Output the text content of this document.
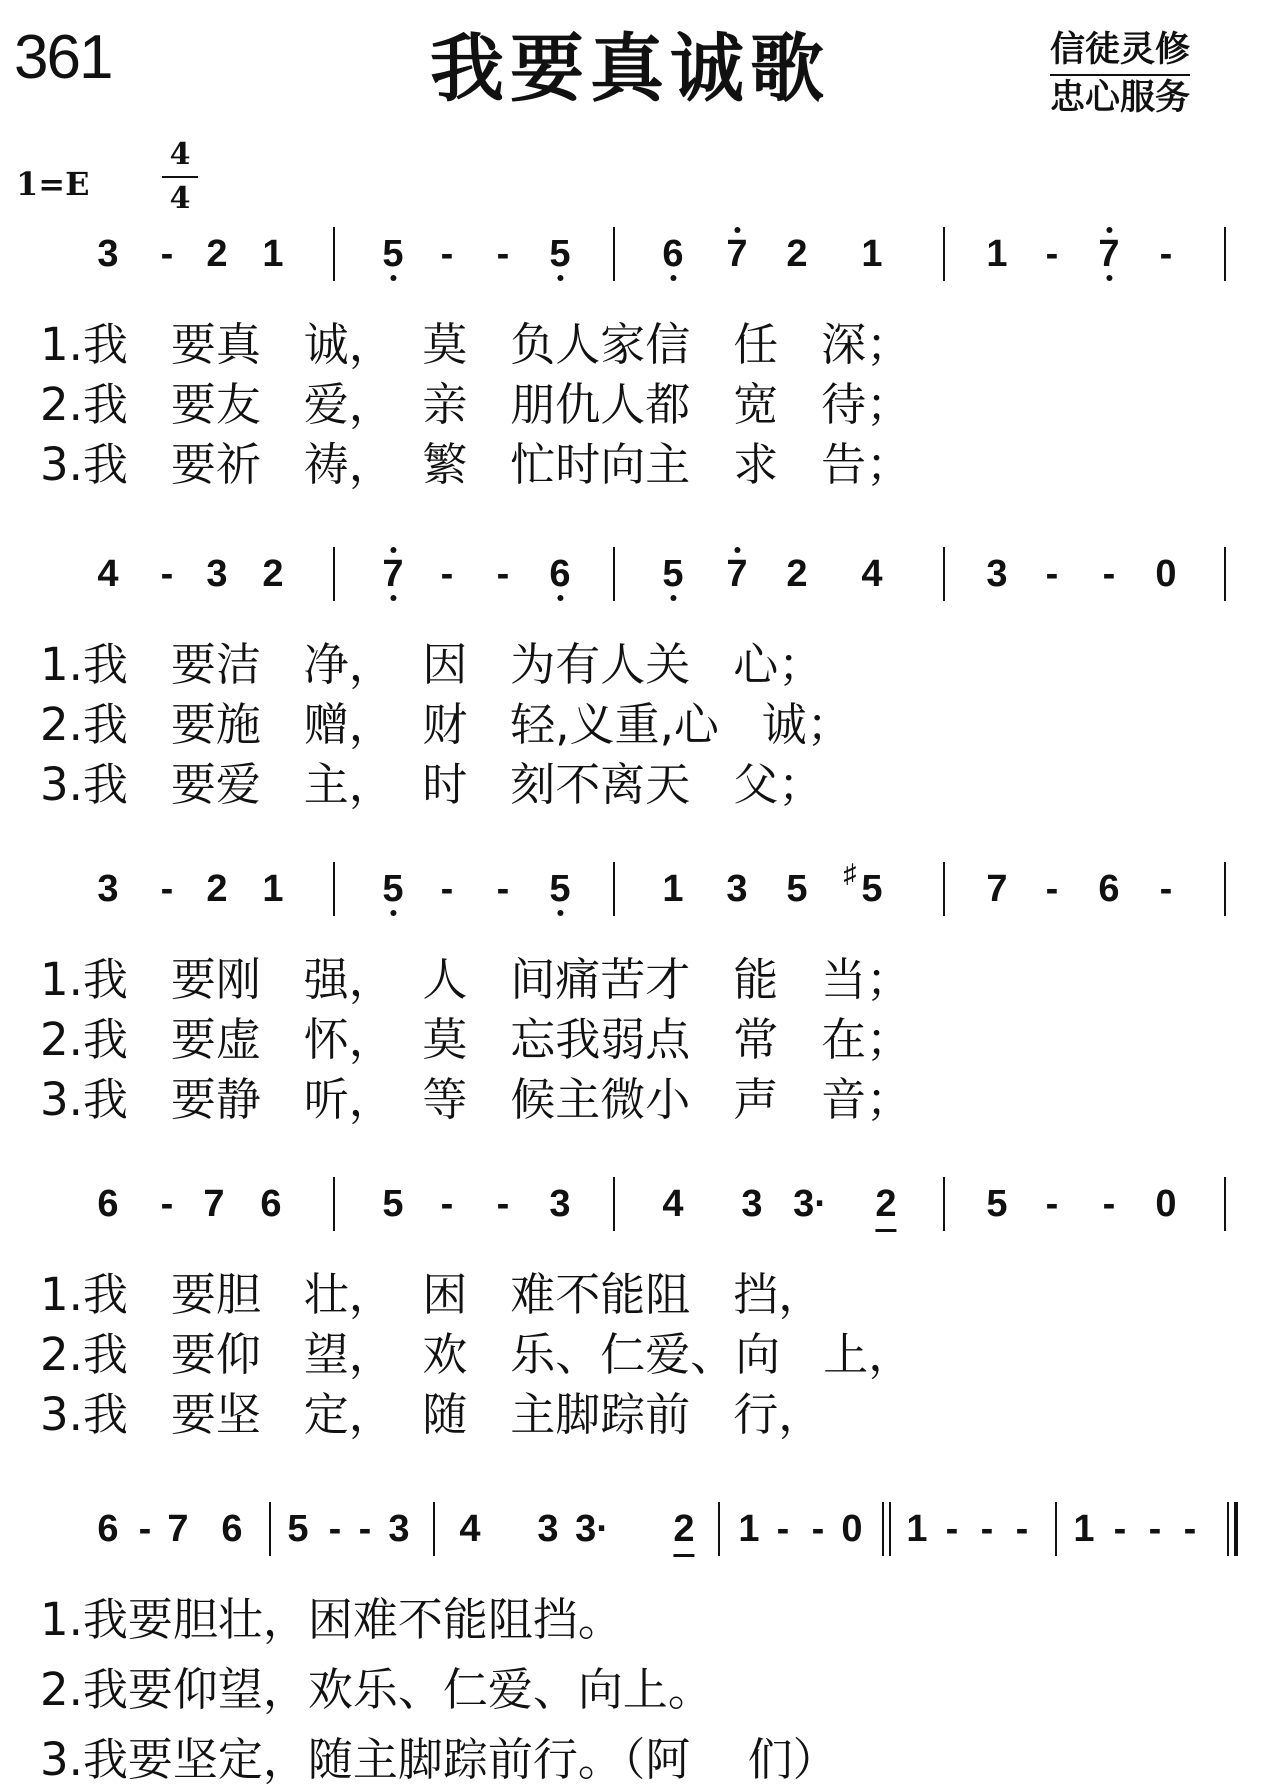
361	我要真诚歌	信徒灵修
忠心服务
1=E
4
4
3 - 2 1	5 - - 5 6 7 2 1	1 - 7 -
1.我   要真   诚，  莫   负人家信   任   深；
2.我   要友   爱，  亲   朋仇人都   宽   待；
3.我   要祈   祷，  繁   忙时向主   求   告；
4 - 3 2	7 - - 6 5 7 2 4	3 - - 0
1.我   要洁   净，  因   为有人关   心；
2.我   要施   赠，  财   轻,义重,心   诚；
3.我   要爱   主，  时   刻不离天   父；
3 - 2 1	5 - - 5 1 3 5 5
♯	7 - 6 -
1.我   要刚   强，  人   间痛苦才   能   当；
2.我   要虚   怀，  莫   忘我弱点   常   在；
3.我   要静   听，  等   候主微小   声   音；
6 - 7 6	5 - - 3 4 3 3· 2 5 - - 0
1.我   要胆   壮，  困   难不能阻   挡，
2.我   要仰   望，  欢   乐、仁爱、向   上，
3.我   要坚   定，  随   主脚踪前   行，
6 - 7 6 5 - - 3 4 3 3· 2 1 - - 0 1 - - - 1 - - -
1.我要胆壮，困难不能阻挡。
2.我要仰望，欢乐、仁爱、向上。
3.我要坚定，随主脚踪前行。（阿    们）
